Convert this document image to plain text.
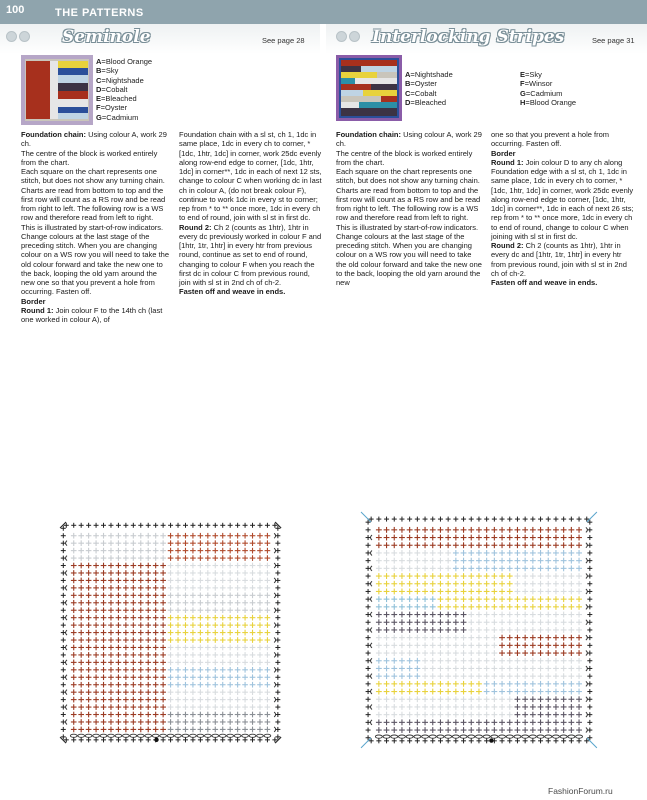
100	THE PATTERNS
Seminole	See page 28	Interlocking Stripes	See page 31
A=Blood Orange
B=Sky
C=Nightshade
D=Cobalt
E=Bleached
F=Oyster
G=Cadmium
A=Nightshade
B=Oyster
C=Cobalt
D=Bleached
E=Sky
F=Winsor
G=Cadmium
H=Blood Orange

Foundation chain: Using colour A, work 29 ch.

The centre of the block is worked entirely from the chart.

Each square on the chart represents one stitch, but does not show any turning chain. Charts are read from bottom to top and the first row will count as a RS row and be read from right to left. The following row is a WS row and therefore read from left to right. This is illustrated by start-of-row indicators.

Change colours at the last stage of the preceding stitch. When you are changing colour on a WS row you will need to take the old colour forward and take the new one to the back, looping the old yarn around the new one so that you prevent a hole from occurring. Fasten off.

Border

Round 1: Join colour F to the 14th ch (last one worked in colour A), of

Foundation chain with a sl st, ch 1, 1dc in same place, 1dc in every ch to corner, *[1dc, 1htr, 1dc] in corner, work 25dc evenly along row-end edge to corner, [1dc, 1htr, 1dc] in corner**, 1dc in each of next 12 sts, change to colour C when working dc in last ch in colour A, (do not break colour F), continue to work 1dc in every st to corner; rep from * to ** once more, 1dc in every ch to end of round, join with sl st in first dc.

Round 2: Ch 2 (counts as 1htr), 1htr in every dc previously worked in colour F and [1htr, 1tr, 1htr] in every htr from previous round, continue as set to end of round, changing to colour F when you reach the first dc in colour C from previous round, join with sl st in 2nd ch of ch-2.

Fasten off and weave in ends.

Foundation chain: Using colour A, work 29 ch.

The centre of the block is worked entirely from the chart.

Each square on the chart represents one stitch, but does not show any turning chain. Charts are read from bottom to top and the first row will count as a RS row and be read from right to left. The following row is a WS row and therefore read from left to right. This is illustrated by start-of-row indicators.

Change colours at the last stage of the preceding stitch. When you are changing colour on a WS row you will need to take the old colour forward and take the new one to the back, looping the old yarn around the new

one so that you prevent a hole from occurring. Fasten off.

Border

Round 1: Join colour D to any ch along Foundation edge with a sl st, ch 1, 1dc in same place, 1dc in every ch to corner, *[1dc, 1htr, 1dc] in corner, work 25dc evenly along row-end edge to corner, [1dc, 1htr, 1dc] in corner**, 1dc in each of next 26 sts; rep from * to ** once more, 1dc in every ch to end of round, change to colour C when joining with sl st in first dc.

Round 2: Ch 2 (counts as 1htr), 1htr in every dc and [1htr, 1tr, 1htr] in every htr from previous round, join with sl st in 2nd ch of ch-2.

Fasten off and weave in ends.

FashionForum.ru
